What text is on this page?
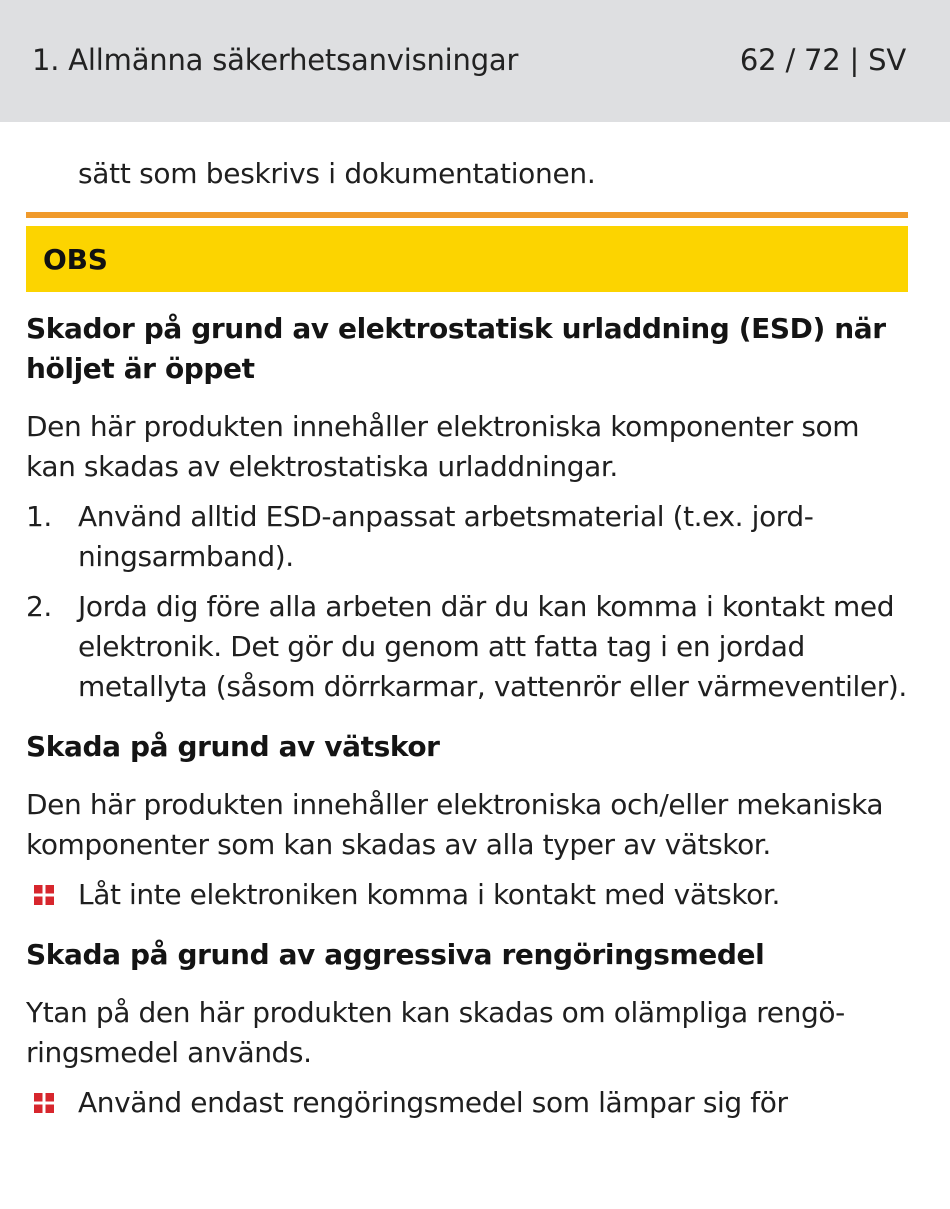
1. Allmänna säkerhetsanvisningar	62 / 72 | SV

sätt som beskrivs i dokumentationen.

OBS
Skador på grund av elektrostatisk urladdning (ESD) när höljet är öppet

Den här produkten innehåller elektroniska komponenter som kan skadas av elektrostatiska urladdningar.

1. Använd alltid ESD-anpassat arbetsmaterial (t.ex. jordningsarmband).
2. Jorda dig före alla arbeten där du kan komma i kontakt med elektronik. Det gör du genom att fatta tag i en jordad metallyta (såsom dörrkarmar, vattenrör eller värmeventiler).
Skada på grund av vätskor

Den här produkten innehåller elektroniska och/eller mekaniska komponenter som kan skadas av alla typer av vätskor.

Låt inte elektroniken komma i kontakt med vätskor.
Skada på grund av aggressiva rengöringsmedel

Ytan på den här produkten kan skadas om olämpliga rengöringsmedel används.

Använd endast rengöringsmedel som lämpar sig för
